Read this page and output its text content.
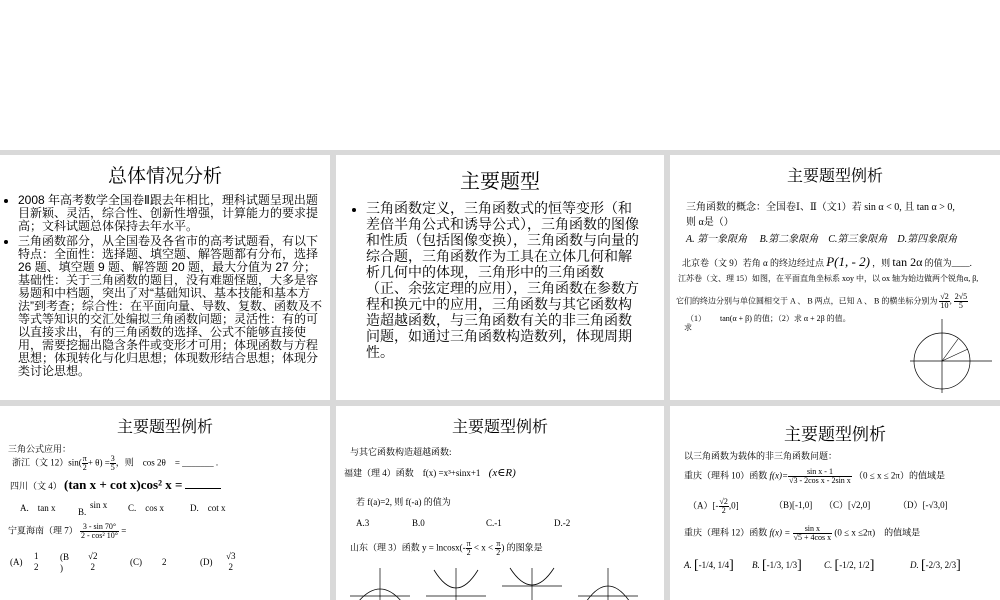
总体情况分析
• 2008 年高考数学全国卷Ⅱ跟去年相比，理科试题呈现出题目新颖、灵活，综合性、创新性增强，计算能力的要求提高；文科试题总体保持去年水平。
• 三角函数部分，从全国卷及各省市的高考试题看，有以下特点：全面性：选择题、填空题、解答题都有分布，选择 26 题、填空题 9 题、解答题 20 题，最大分值为 27 分；基础性：关于三角函数的题目，没有难题怪题，大多是容易题和中档题，突出了对“基础知识、基本技能和基本方法”到考查；综合性：在平面向量、导数、复数、函数及不等式等知识的交汇处编拟三角函数问题；灵活性：有的可以直接求出，有的三角函数的选择、公式不能够直接使用，需要挖掘出隐含条件或变形才可用；体现函数与方程思想；体现转化与化归思想；体现数形结合思想；体现分类讨论思想。
主要题型
• 三角函数定义，三角函数式的恒等变形（和差倍半角公式和诱导公式），三角函数的图像和性质（包括图像变换），三角函数与向量的综合题，三角函数作为工具在立体几何和解析几何中的体现，三角形中的三角函数（正、余弦定理的应用），三角函数在参数方程和换元中的应用，三角函数与其它函数构造超越函数，与三角函数有关的非三角函数问题，如通过三角函数构造数列，体现周期性。
主要题型例析
三角函数的概念：全国卷Ⅰ、Ⅱ（文1）若 sin α < 0, 且 tan α > 0,
则 α是（）
A. 第一象限角　 B.第二象限角　C.第三象限角　D.第四象限角
北京卷（文 9）若角 α 的终边经过点 P(1, - 2) ，则 tan 2α 的值为____.
江苏卷（文、理 15）如图，在平面直角坐标系 xoy 中，以 ox 轴为始边做两个锐角α, β,
它们的终边分别与单位圆相交于 A 、 B 两点，已知 A 、 B 的横坐标分别为 $\frac{√2}{10}$ , $\frac{2√5}{5}$
（1） tan(α + β) 的值；（2）求 α + 2β 的值。
求
主要题型例析
三角公式应用：
浙江（文 $12)\sin( \frac{\pi}{2} + \theta) = \frac{3}{5}$ ，则　cos 2θ　= _______ .
四川（文 4） (tan x + cot x)cos² x =
A.　tan x	B.
sin x C.　cos x	D.　cot x
宁夏海南（理 $7) \frac{3 - \sin 70^\circ}{\text{2 - cos² 10°}}$ =
(A)
1
2
(B
)
√2
2	(C) 2	(D)
√3
2
主要题型例析
与其它函数构造超越函数:
福建（理 4）函数　f(x) =x³+sinx+1 (x∈R)
若 f(a)=2, 则 f(-a) 的值为
A.3	B.0	C.-1	D.-2
山东（理 3）函数 $y = lncosx(- \frac{\pi}{2} < x < \frac{\pi}{2}$ ) 的图象是
主要题型例析
以三角函数为载体的非三角函数问题：
重庆（理科 10）函数 $f(x)= \frac{\text{sin x - 1}}{\text{√3 - 2cos x - 2sin x}} (0 \le x \le 2\pi)$的值域是
$(A)[- \frac{√2}{2} ,0]$	（B)[-1,0] （C）[√2,0]	（D）[-√3,0]
重庆（理科 12）函数 $f(x) = \frac{\text{sin x}}{\text{√5 + 4cos x}} (0 \le x \le 2\pi)$　的值域是
A. [-1/4, 1/4] B. [-1/3, 1/3] C. [-1/2, 1/2]	D. [-2/3, 2/3]
